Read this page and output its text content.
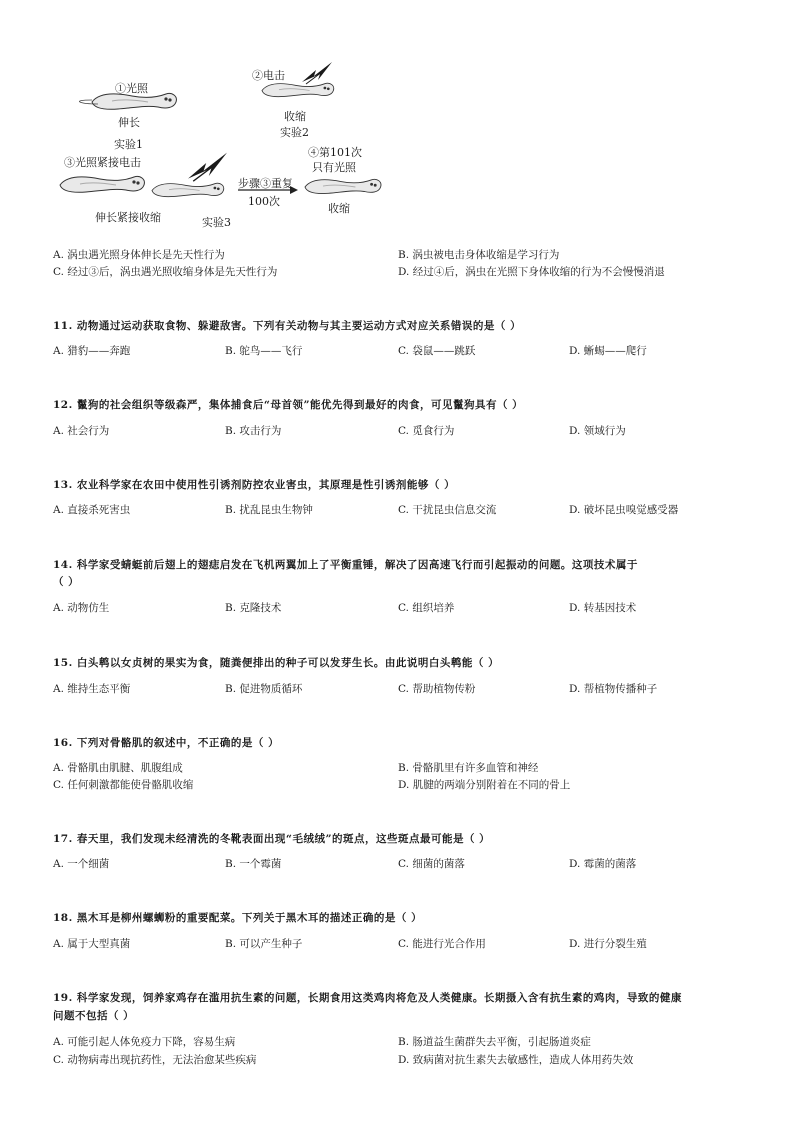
①光照
伸长
实验1
②电击
收缩
实验2
③光照紧接电击
伸长紧接收缩	实验3
步骤③重复
100次
④第101次
只有光照
收缩
A. 涡虫遇光照身体伸长是先天性行为	B. 涡虫被电击身体收缩是学习行为
C. 经过③后，涡虫遇光照收缩身体是先天性行为	D. 经过④后，涡虫在光照下身体收缩的行为不会慢慢消退
11. 动物通过运动获取食物、躲避敌害。下列有关动物与其主要运动方式对应关系错误的是（ ）
A. 猎豹——奔跑	B. 鸵鸟——飞行	C. 袋鼠——跳跃	D. 蜥蜴——爬行
12. 鬣狗的社会组织等级森严，集体捕食后“母首领”能优先得到最好的肉食，可见鬣狗具有（ ）
A. 社会行为	B. 攻击行为	C. 觅食行为	D. 领域行为
13. 农业科学家在农田中使用性引诱剂防控农业害虫，其原理是性引诱剂能够（ ）
A. 直接杀死害虫	B. 扰乱昆虫生物钟	C. 干扰昆虫信息交流	D. 破坏昆虫嗅觉感受器
14. 科学家受蜻蜓前后翅上的翅痣启发在飞机两翼加上了平衡重锤，解决了因高速飞行而引起振动的问题。这项技术属于
（ ）
A. 动物仿生	B. 克隆技术	C. 组织培养	D. 转基因技术
15. 白头鹎以女贞树的果实为食，随粪便排出的种子可以发芽生长。由此说明白头鹎能（ ）
A. 维持生态平衡	B. 促进物质循环	C. 帮助植物传粉	D. 帮植物传播种子
16. 下列对骨骼肌的叙述中，不正确的是（ ）
A. 骨骼肌由肌腱、肌腹组成	B. 骨骼肌里有许多血管和神经
C. 任何刺激都能使骨骼肌收缩	D. 肌腱的两端分别附着在不同的骨上
17. 春天里，我们发现未经清洗的冬靴表面出现“毛绒绒”的斑点，这些斑点最可能是（ ）
A. 一个细菌	B. 一个霉菌	C. 细菌的菌落	D. 霉菌的菌落
18. 黑木耳是柳州螺蛳粉的重要配菜。下列关于黑木耳的描述正确的是（ ）
A. 属于大型真菌	B. 可以产生种子	C. 能进行光合作用	D. 进行分裂生殖
19. 科学家发现，饲养家鸡存在滥用抗生素的问题，长期食用这类鸡肉将危及人类健康。长期摄入含有抗生素的鸡肉，导致的健康
问题不包括（ ）
A. 可能引起人体免疫力下降，容易生病	B. 肠道益生菌群失去平衡，引起肠道炎症
C. 动物病毒出现抗药性，无法治愈某些疾病	D. 致病菌对抗生素失去敏感性，造成人体用药失效
